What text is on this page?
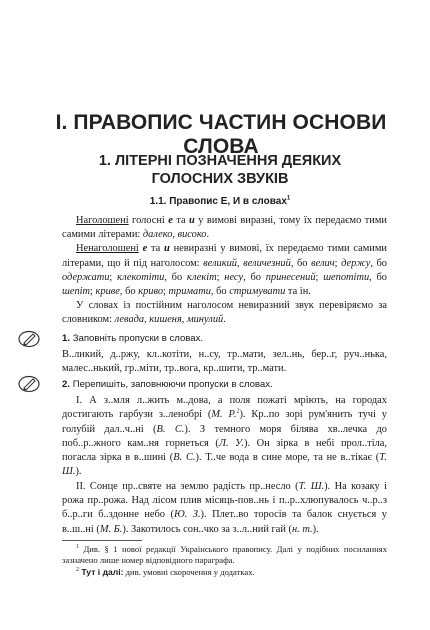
І. ПРАВОПИС ЧАСТИН ОСНОВИ СЛОВА
1. ЛІТЕРНІ ПОЗНАЧЕННЯ ДЕЯКИХ
ГОЛОСНИХ ЗВУКІВ
1.1. Правопис Е, И в словах$^1$

Наголошені голосні е та и у вимові виразні, тому їх передаємо тими самими літерами: далеко, високо.

Ненаголошені е та и невиразні у вимові, їх передаємо тими самими літерами, що й під наголосом: великий, величезний, бо велич; держу, бо одержати; клекотіти, бо клекіт; несу, бо принесений; шепотіти, бо шепіт; криве, бо криво; тримати, бо стримувати та ін.

У словах із постійним наголосом невиразний звук перевіряємо за словником: левада, кишеня, минулий.

1. Заповніть пропуски в словах.
В..ликий, д..ржу, кл..котіти, н..су, тр..мати, зел..нь, бер..г, руч..нька, малес..нький, гр..міти, тр..вога, кр..шити, тр..мати.
2. Перепишіть, заповнюючи пропуски в словах.

І. А з..мля л..жить м..дова, а поля пожаті мріють, на городах достигають гарбузи з..ленобрі (М. Р.$^2$). Кр..по зорі рум'янить тучі у голубій дал..ч..ні (В. С.). З темного моря білява хв..лечка до поб..р..жного кам..ня горнеться (Л. У.). Он зірка в небі прол..тіла, погасла зірка в в..шині (В. С.). Т..че вода в сине море, та не в..тікає (Т. Ш.).

ІІ. Сонце пр..святе на землю радість пр..несло (Т. Ш.). На козаку і рожа пр..рожа. Над лісом плив місяць-пов..нь і п..р..хлюпувалось ч..р..з б..р..ги б..здонне небо (Ю. З.). Плет..во торосів та балок снується у в..ш..ні (М. Б.). Закотилось сон..чко за з..л..ний гай (н. т.).

$^1$ Див. § 1 нової редакції Українського правопису. Далі у подібних посиланнях зазначено лише номер відповідного параграфа.

$^2$ Тут і далі: див. умовні скорочення у додатках.
